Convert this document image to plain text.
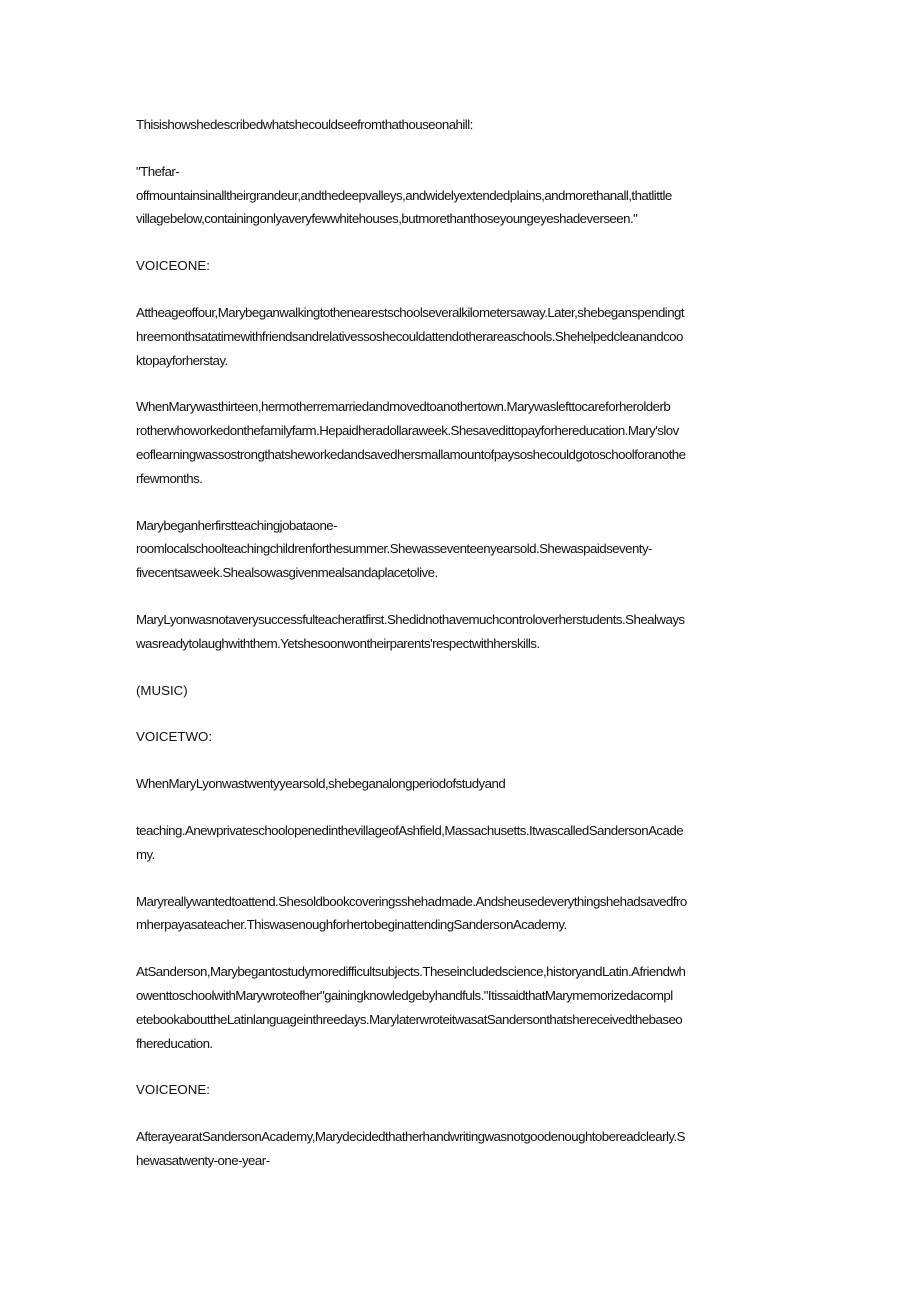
Thisishowshedescribedwhatshecouldseefromthathouseonahill:

"Thefar-
offmountainsinalltheirgrandeur,andthedeepvalleys,andwidelyextendedplains,andmorethanall,thatlittle
villagebelow,containingonlyaveryfewwhitehouses,butmorethanthoseyoungeyeshadeverseen."

VOICEONE:

Attheageoffour,Marybeganwalkingtothenearestschoolseveralkilometersaway.Later,shebeganspendingt
hreemonthsatatimewithfriendsandrelativessoshecouldattendotherareaschools.Shehelpedcleanandcoo
ktopayforherstay.

WhenMarywasthirteen,hermotherremarriedandmovedtoanothertown.Marywaslefttocareforherolderb
rotherwhoworkedonthefamilyfarm.Hepaidheradollaraweek.Shesavedittopayforhereducation.Mary'slov
eoflearningwassostrongthatsheworkedandsavedhersmallamountofpaysoshecouldgotoschoolforanothe
rfewmonths.

Marybeganherfirstteachingjobataone-
roomlocalschoolteachingchildrenforthesummer.Shewasseventeenyearsold.Shewaspaidseventy-
fivecentsaweek.Shealsowasgivenmealsandaplacetolive.

MaryLyonwasnotaverysuccessfulteacheratfirst.Shedidnothavemuchcontroloverherstudents.Shealways
wasreadytolaughwiththem.Yetshesoonwontheirparents'respectwithherskills.

(MUSIC)

VOICETWO:

WhenMaryLyonwastwentyyearsold,shebeganalongperiodofstudyand

teaching.AnewprivateschoolopenedinthevillageofAshfield,Massachusetts.ItwascalledSandersonAcade
my.

Maryreallywantedtoattend.Shesoldbookcoveringsshehadmade.Andsheusedeverythingshehadsavedfro
mherpayasateacher.ThiswasenoughforhertobeginattendingSandersonAcademy.

AtSanderson,Marybegantostudymoredifficultsubjects.Theseincludedscience,historyandLatin.Afriendwh
owenttoschoolwithMarywroteofher"gainingknowledgebyhandfuls."ItissaidthatMarymemorizedacompl
etebookabouttheLatinlanguageinthreedays.MarylaterwroteitwasatSandersonthatshereceivedthebaseo
fhereducation.

VOICEONE:

AfterayearatSandersonAcademy,Marydecidedthatherhandwritingwasnotgoodenoughtobereadclearly.S
hewasatwenty-one-year-
